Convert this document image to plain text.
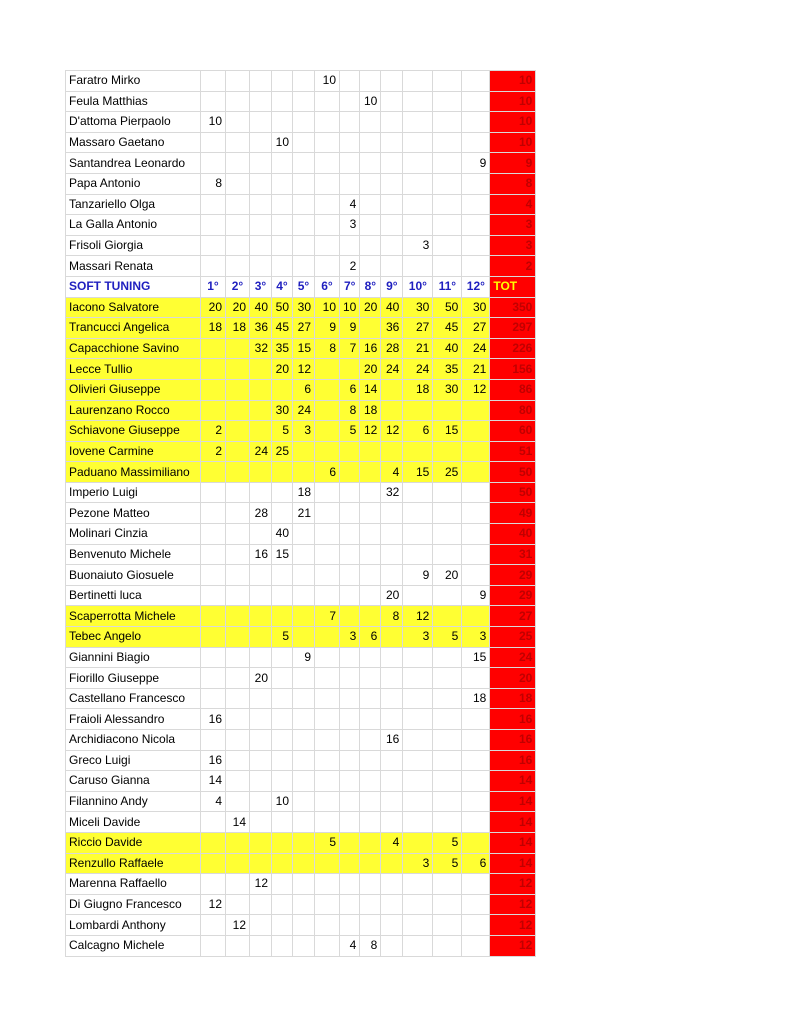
Faratro Mirko						10							10
Feula Matthias								10					10
D'attoma Pierpaolo	10												10
Massaro Gaetano				10									10
Santandrea Leonardo												9	9
Papa Antonio	8												8
Tanzariello Olga							4						4
La Galla Antonio							3						3
Frisoli Giorgia										3			3
Massari Renata							2						2
SOFT TUNING	1°	2°	3°	4°	5°	6°	7°	8°	9°	10°	11°	12°	TOT
Iacono Salvatore	20	20	40	50	30	10	10	20	40	30	50	30	350
Trancucci Angelica	18	18	36	45	27	9	9		36	27	45	27	297
Capacchione Savino			32	35	15	8	7	16	28	21	40	24	226
Lecce Tullio				20	12			20	24	24	35	21	156
Olivieri Giuseppe					6		6	14		18	30	12	86
Laurenzano Rocco				30	24		8	18					80
Schiavone Giuseppe	2			5	3		5	12	12	6	15		60
Iovene Carmine	2		24	25									51
Paduano Massimiliano						6			4	15	25		50
Imperio Luigi					18				32				50
Pezone Matteo			28		21								49
Molinari Cinzia				40									40
Benvenuto Michele			16	15									31
Buonaiuto Giosuele										9	20		29
Bertinetti luca									20			9	29
Scaperrotta Michele						7			8	12			27
Tebec Angelo				5			3	6		3	5	3	25
Giannini Biagio					9							15	24
Fiorillo Giuseppe			20										20
Castellano Francesco												18	18
Fraioli Alessandro	16												16
Archidiacono Nicola									16				16
Greco Luigi	16												16
Caruso Gianna	14												14
Filannino Andy	4			10									14
Miceli Davide		14											14
Riccio Davide						5			4		5		14
Renzullo Raffaele										3	5	6	14
Marenna Raffaello			12										12
Di Giugno Francesco	12												12
Lombardi Anthony		12											12
Calcagno Michele							4	8					12
